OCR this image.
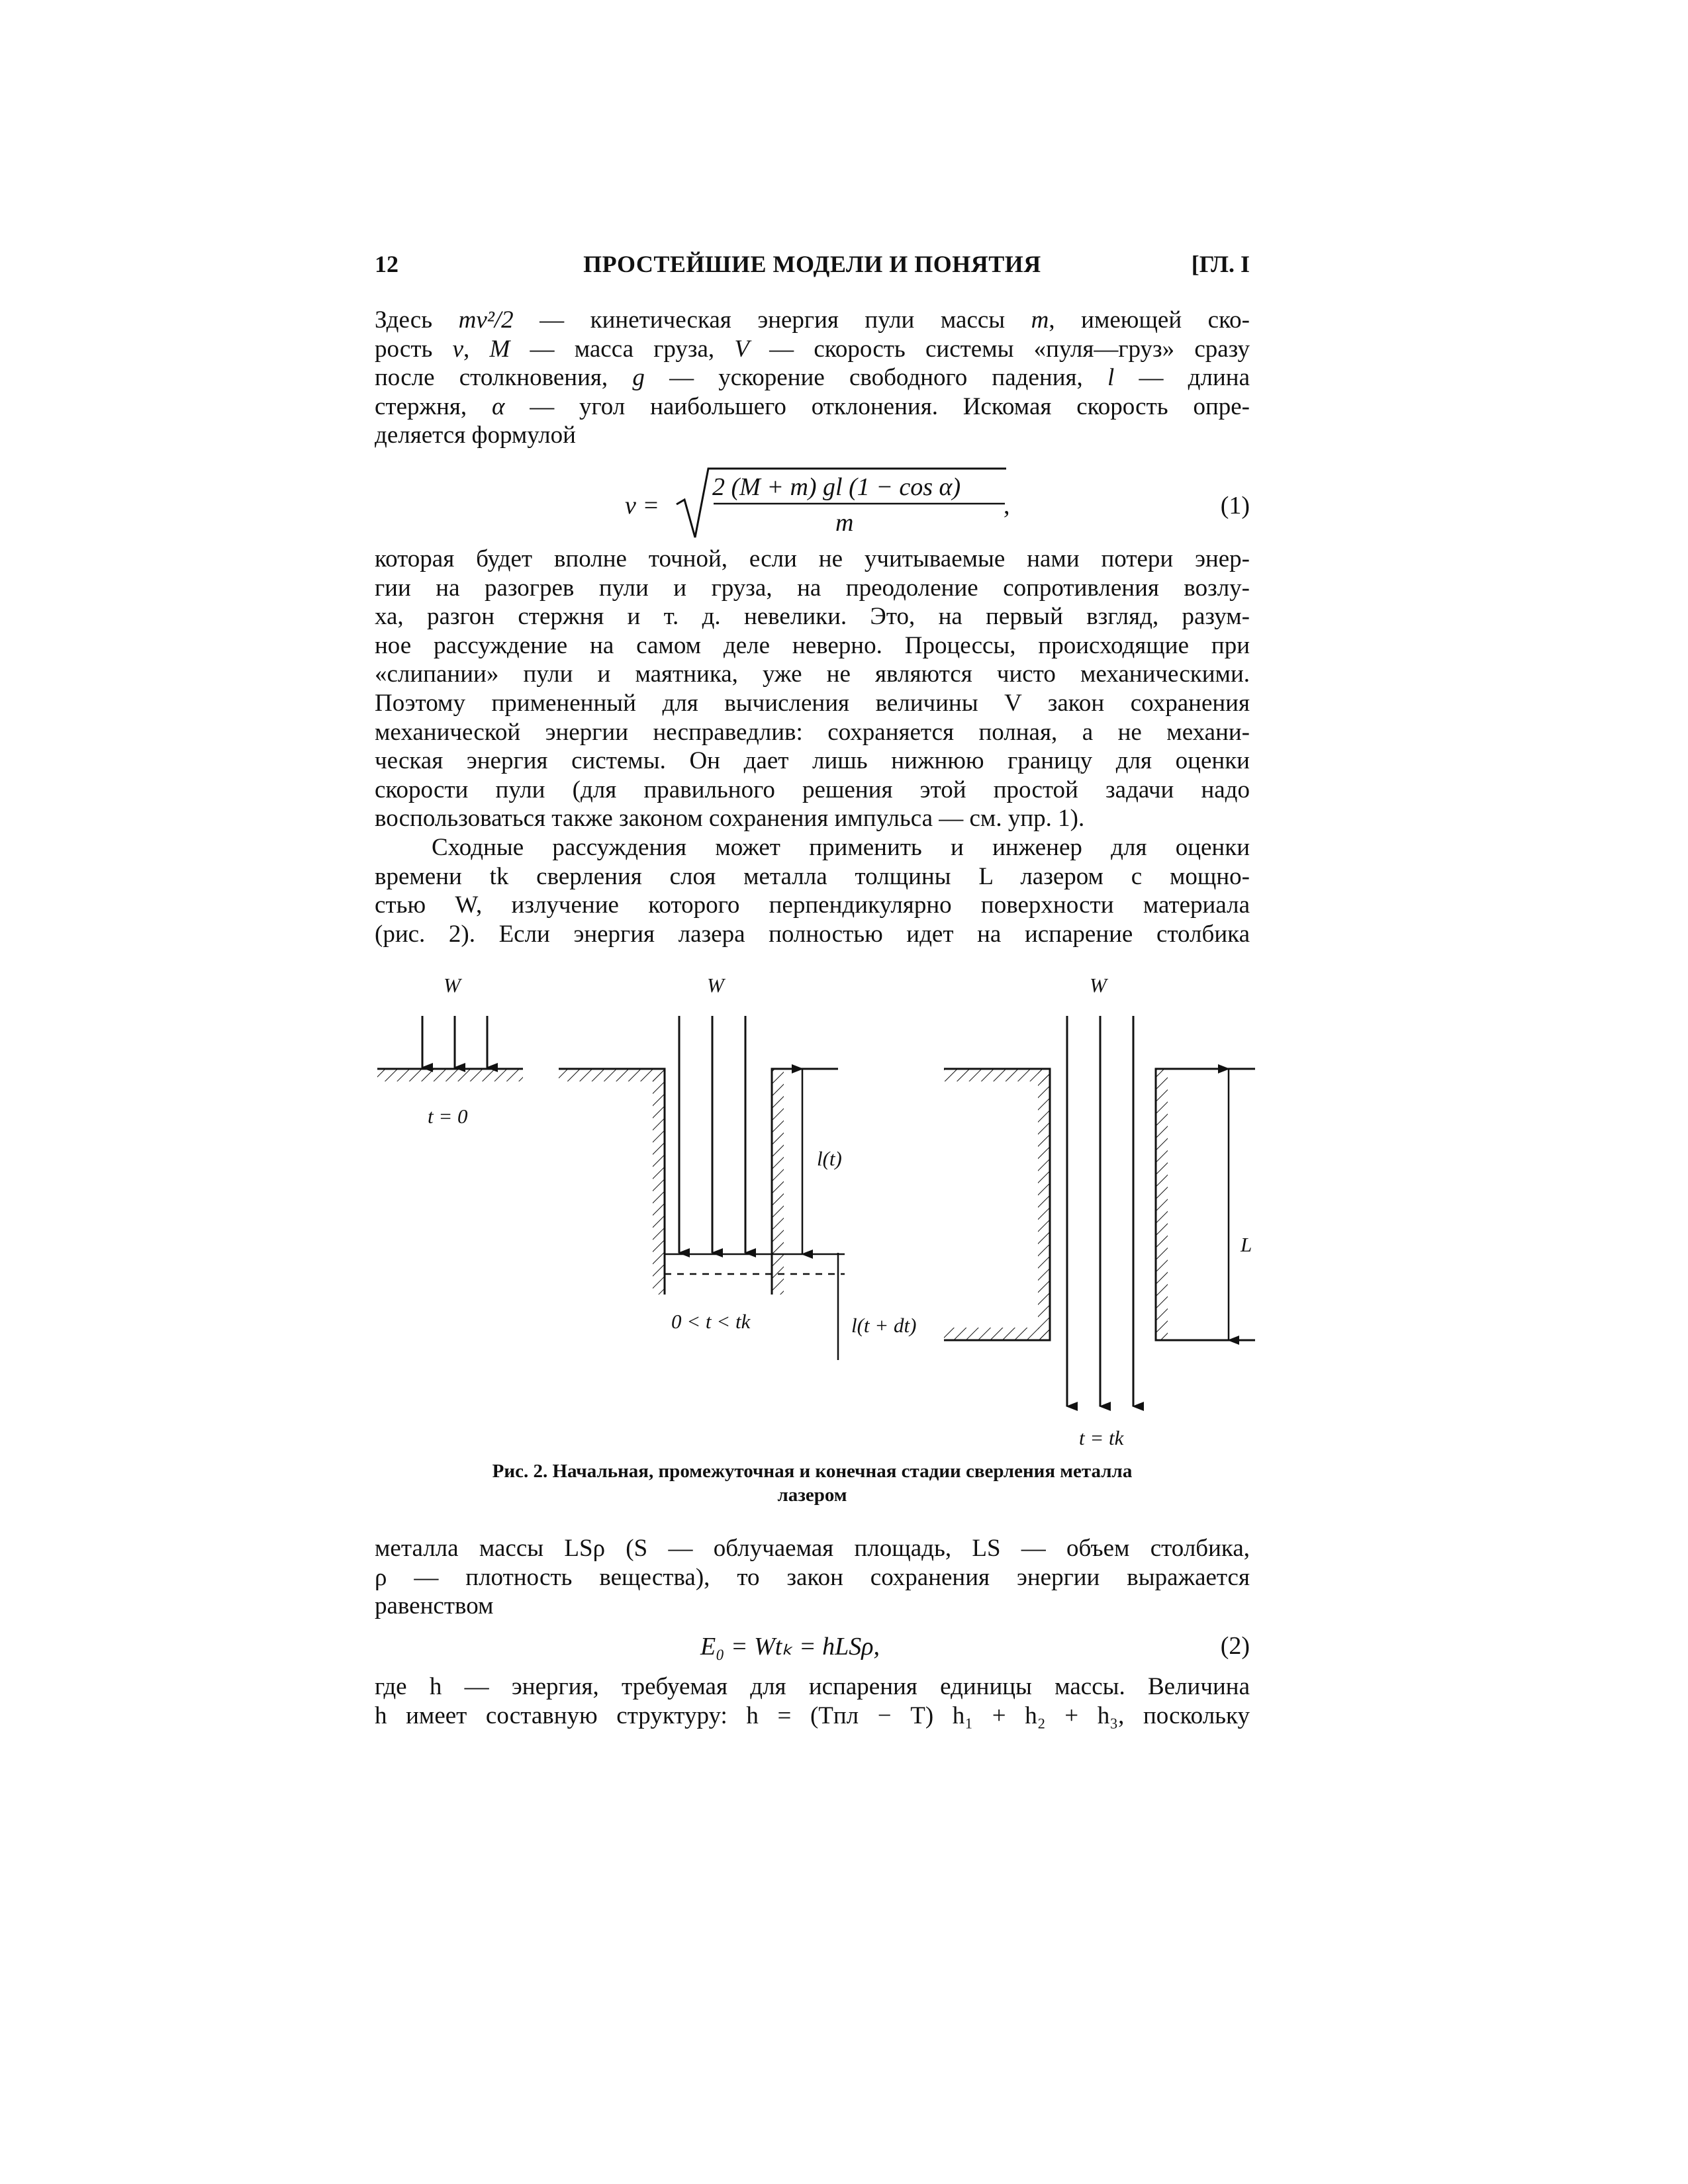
12	ПРОСТЕЙШИЕ МОДЕЛИ И ПОНЯТИЯ	[ГЛ. I
Здесь mv²/2 — кинетическая энергия пули массы m, имеющей ско-
рость v, M — масса груза, V — скорость системы «пуля—груз» сразу
после столкновения, g — ускорение свободного падения, l — длина
стержня, α — угол наибольшего отклонения. Искомая скорость опре-
деляется формулой
v =
2 (M + m) gl (1 − cos α)
m
,	(1)
которая будет вполне точной, если не учитываемые нами потери энер-
гии на разогрев пули и груза, на преодоление сопротивления возлу-
ха, разгон стержня и т. д. невелики. Это, на первый взгляд, разум-
ное рассуждение на самом деле неверно. Процессы, происходящие при
«слипании» пули и маятника, уже не являются чисто механическими.
Поэтому примененный для вычисления величины V закон сохранения
механической энергии несправедлив: сохраняется полная, а не механи-
ческая энергия системы. Он дает лишь нижнюю границу для оценки
скорости пули (для правильного решения этой простой задачи надо
воспользоваться также законом сохранения импульса — см. упр. 1).
Сходные рассуждения может применить и инженер для оценки
времени tk сверления слоя металла толщины L лазером с мощно-
стью W, излучение которого перпендикулярно поверхности материала
(рис. 2). Если энергия лазера полностью идет на испарение столбика
W
t = 0
W
l(t)
l(t + dt)
0 < t < tk
W
L
t = tk
Рис. 2. Начальная, промежуточная и конечная стадии сверления металла
лазером
металла массы LSρ (S — облучаемая площадь, LS — объем столбика,
ρ — плотность вещества), то закон сохранения энергии выражается
равенством
E₀ = Wtₖ = hLSρ,	(2)
где h — энергия, требуемая для испарения единицы массы. Величина
h имеет составную структуру: h = (Tпл − T) h₁ + h₂ + h₃, поскольку
